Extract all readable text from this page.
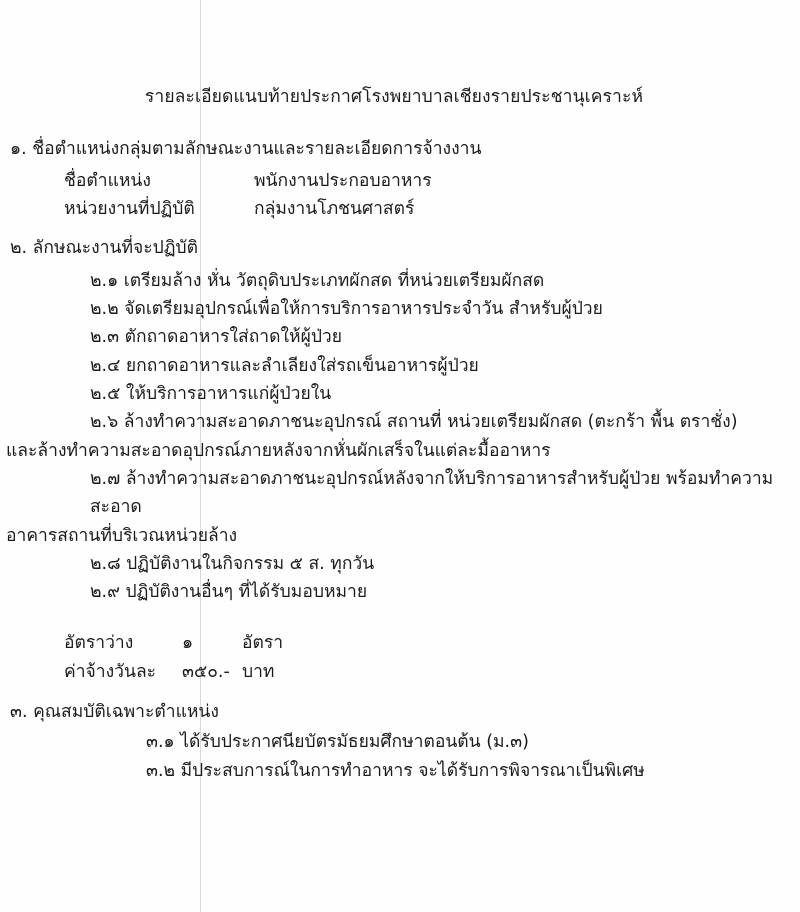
รายละเอียดแนบท้ายประกาศโรงพยาบาลเชียงรายประชานุเคราะห์
๑. ชื่อตำแหน่งกลุ่มตามลักษณะงานและรายละเอียดการจ้างงาน
ชื่อตำแหน่ง	พนักงานประกอบอาหาร
หน่วยงานที่ปฏิบัติ	กลุ่มงานโภชนศาสตร์
๒. ลักษณะงานที่จะปฏิบัติ
๒.๑ เตรียมล้าง หั่น วัตถุดิบประเภทผักสด ที่หน่วยเตรียมผักสด
๒.๒ จัดเตรียมอุปกรณ์เพื่อให้การบริการอาหารประจำวัน สำหรับผู้ป่วย
๒.๓ ตักถาดอาหารใส่ถาดให้ผู้ป่วย
๒.๔ ยกถาดอาหารและลำเลียงใส่รถเข็นอาหารผู้ป่วย
๒.๕ ให้บริการอาหารแก่ผู้ป่วยใน
๒.๖ ล้างทำความสะอาดภาชนะอุปกรณ์ สถานที่ หน่วยเตรียมผักสด (ตะกร้า พื้น ตราชั่ง)
และล้างทำความสะอาดอุปกรณ์ภายหลังจากหั่นผักเสร็จในแต่ละมื้ออาหาร
๒.๗ ล้างทำความสะอาดภาชนะอุปกรณ์หลังจากให้บริการอาหารสำหรับผู้ป่วย พร้อมทำความสะอาด
อาคารสถานที่บริเวณหน่วยล้าง
๒.๘ ปฏิบัติงานในกิจกรรม ๕ ส. ทุกวัน
๒.๙ ปฏิบัติงานอื่นๆ ที่ได้รับมอบหมาย
อัตราว่าง	๑	อัตรา
ค่าจ้างวันละ	๓๕๐.- บาท
๓. คุณสมบัติเฉพาะตำแหน่ง
๓.๑ ได้รับประกาศนียบัตรมัธยมศึกษาตอนต้น (ม.๓)
๓.๒ มีประสบการณ์ในการทำอาหาร จะได้รับการพิจารณาเป็นพิเศษ
